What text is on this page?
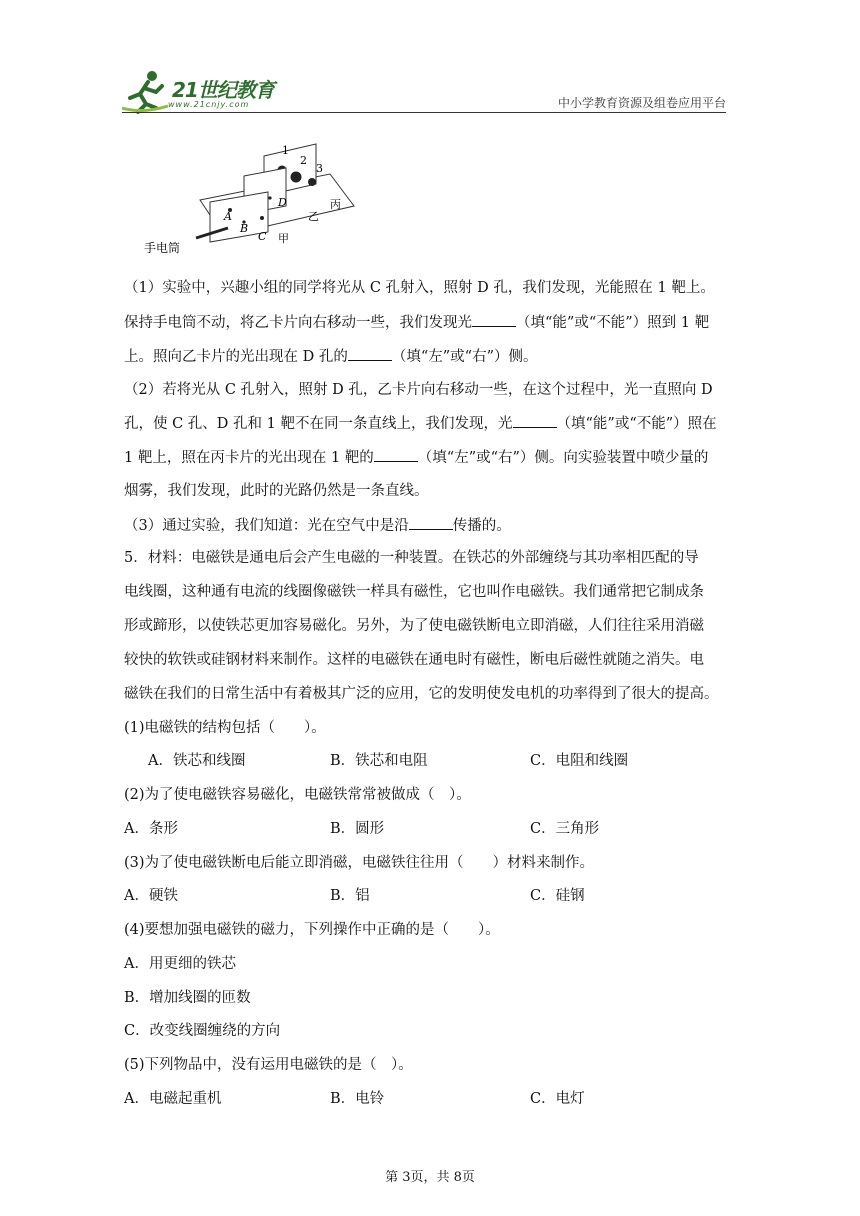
21世纪教育
www.21cnjy.com	中小学教育资源及组卷应用平台
1
2
3
D
乙
丙
A
B
C 甲
手电筒
（1）实验中，兴趣小组的同学将光从 C 孔射入，照射 D 孔，我们发现，光能照在 1 靶上。
保持手电筒不动，将乙卡片向右移动一些，我们发现光	（填“能”或“不能”）照到 1 靶
上。照向乙卡片的光出现在 D 孔的	（填“左”或“右”）侧。
（2）若将光从 C 孔射入，照射 D 孔，乙卡片向右移动一些，在这个过程中，光一直照向 D
孔，使 C 孔、D 孔和 1 靶不在同一条直线上，我们发现，光	（填“能”或“不能”）照在
1 靶上，照在丙卡片的光出现在 1 靶的	（填“左”或“右”）侧。向实验装置中喷少量的
烟雾，我们发现，此时的光路仍然是一条直线。
（3）通过实验，我们知道：光在空气中是沿	传播的。
5．材料：电磁铁是通电后会产生电磁的一种装置。在铁芯的外部缠绕与其功率相匹配的导
电线圈，这种通有电流的线圈像磁铁一样具有磁性，它也叫作电磁铁。我们通常把它制成条
形或蹄形，以使铁芯更加容易磁化。另外，为了使电磁铁断电立即消磁，人们往往采用消磁
较快的软铁或硅钢材料来制作。这样的电磁铁在通电时有磁性，断电后磁性就随之消失。电
磁铁在我们的日常生活中有着极其广泛的应用，它的发明使发电机的功率得到了很大的提高。
(1)电磁铁的结构包括（　　）。
A．铁芯和线圈	B．铁芯和电阻	C．电阻和线圈
(2)为了使电磁铁容易磁化，电磁铁常常被做成（　）。
A．条形	B．圆形	C．三角形
(3)为了使电磁铁断电后能立即消磁，电磁铁往往用（　　）材料来制作。
A．硬铁	B．铝	C．硅钢
(4)要想加强电磁铁的磁力，下列操作中正确的是（　　）。
A．用更细的铁芯
B．增加线圈的匝数
C．改变线圈缠绕的方向
(5)下列物品中，没有运用电磁铁的是（　）。
A．电磁起重机	B．电铃	C．电灯
第 3页，共 8页
